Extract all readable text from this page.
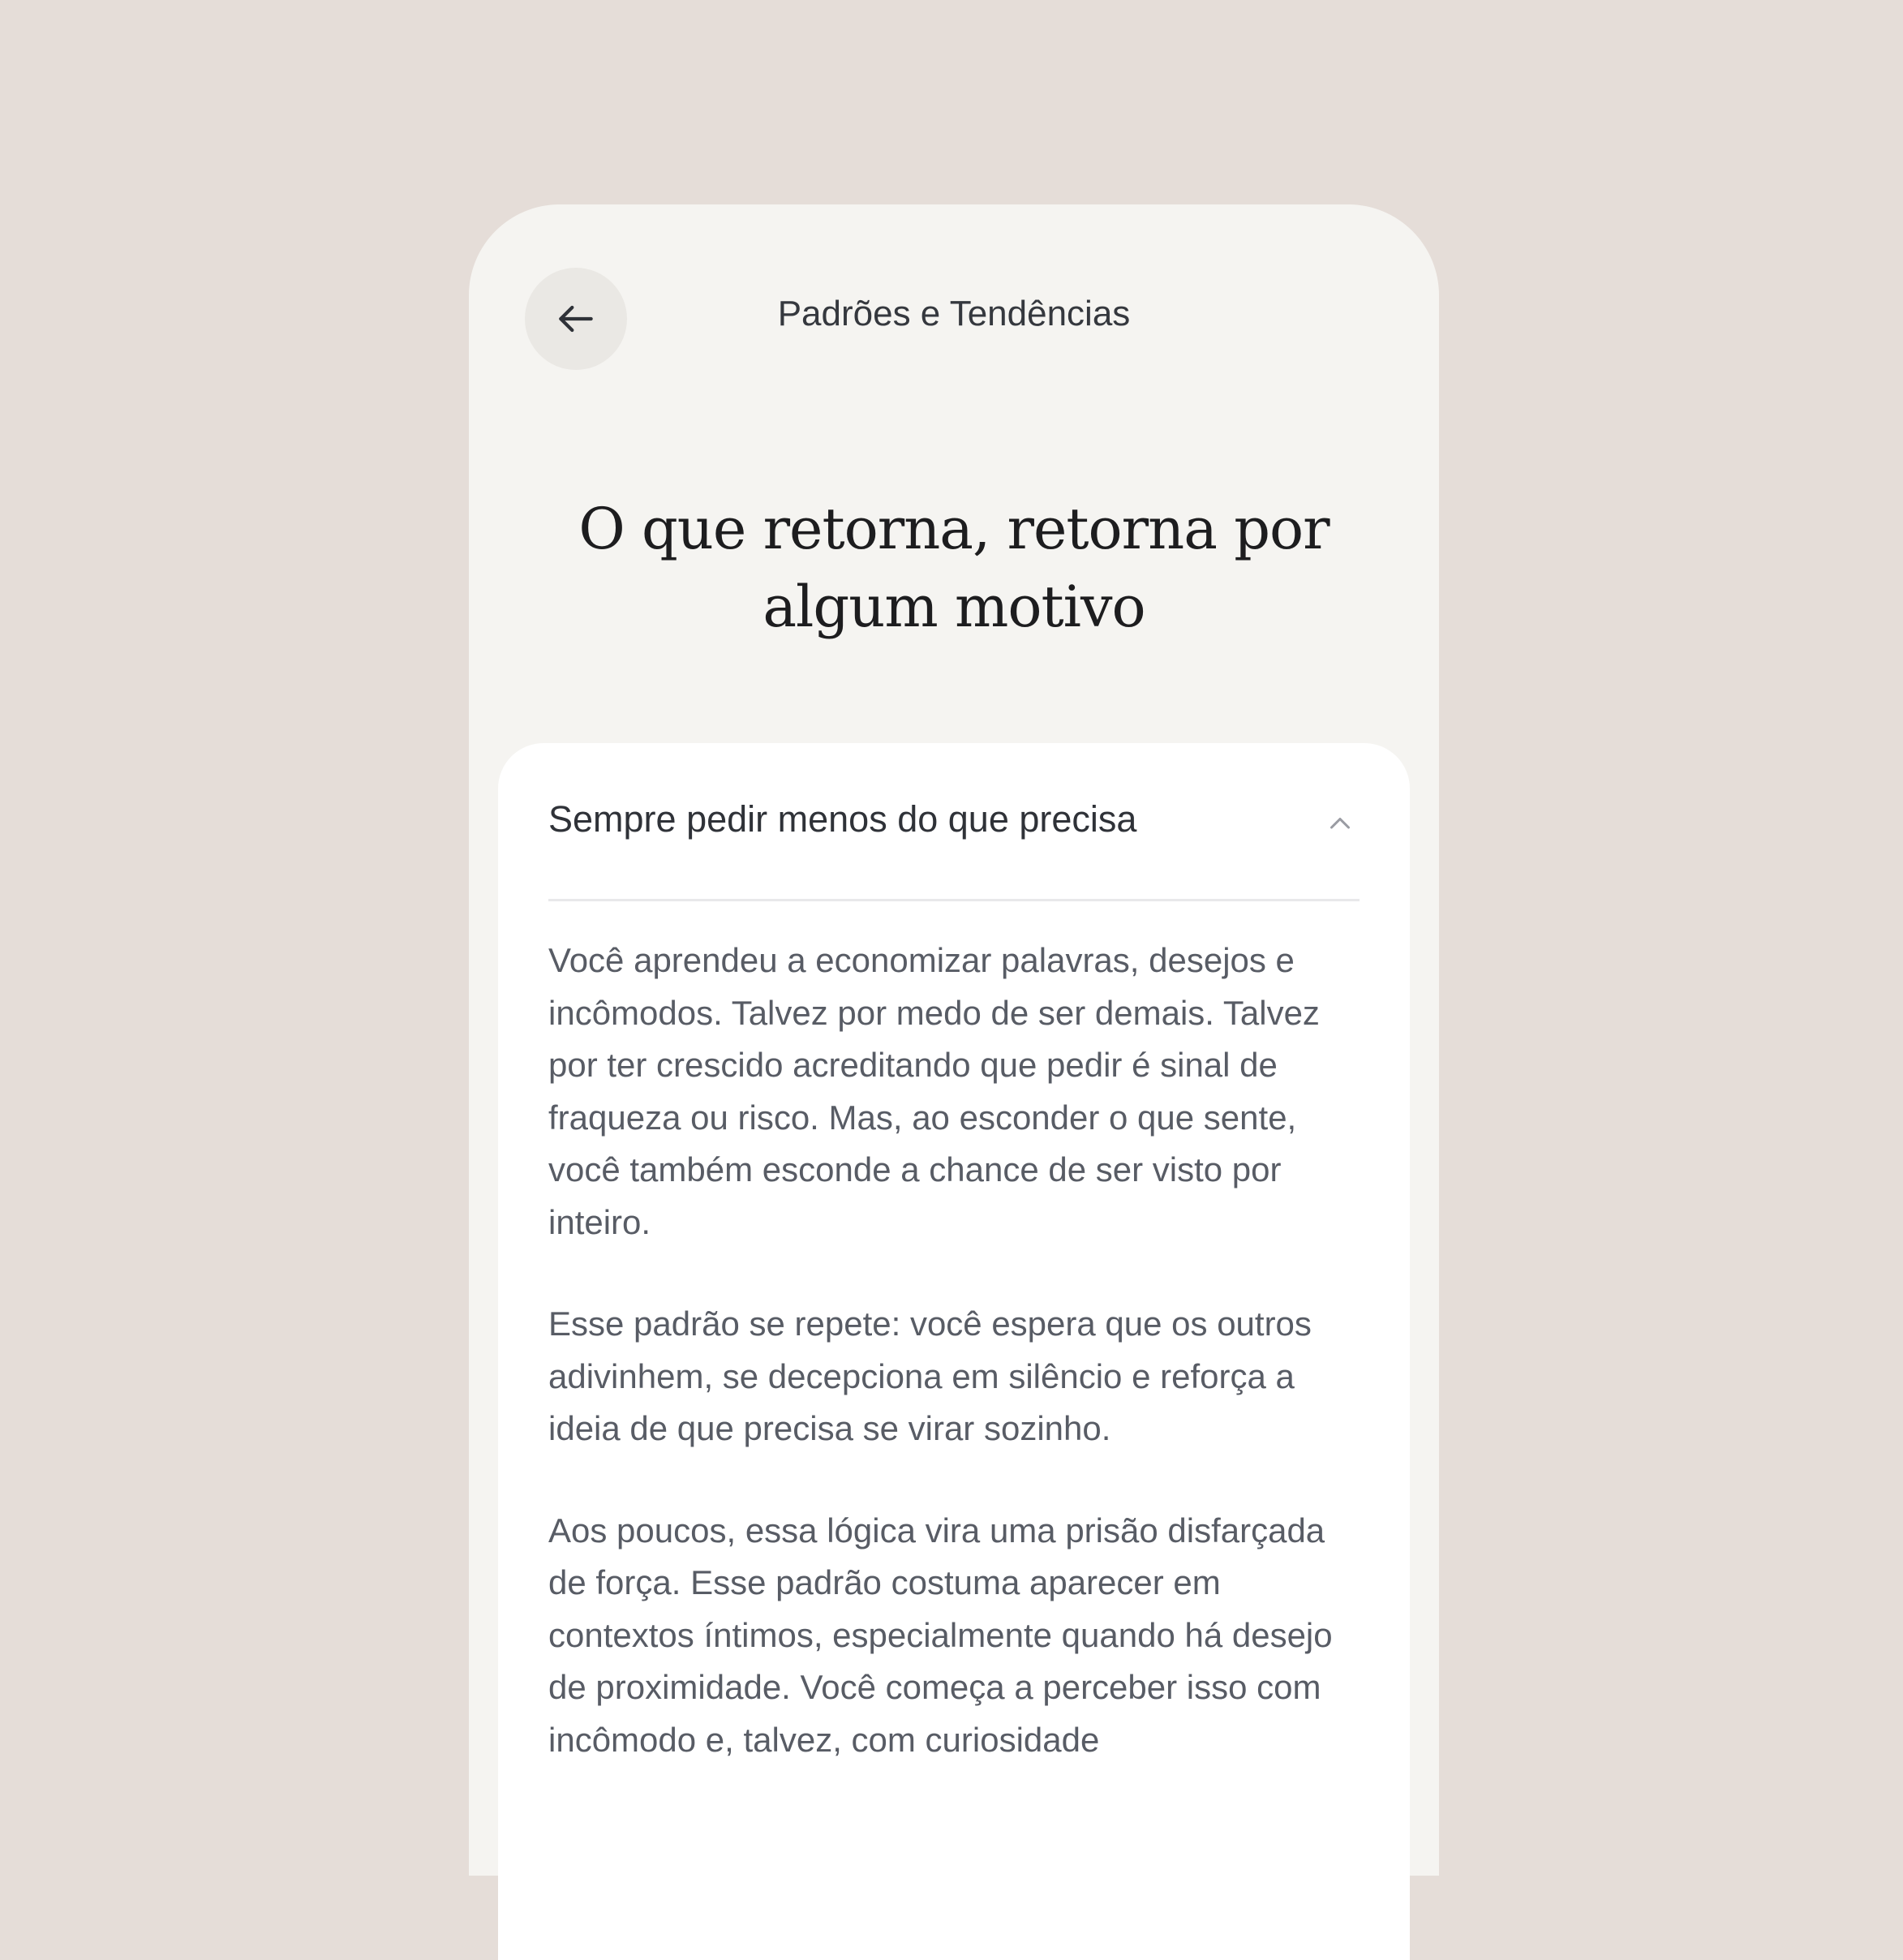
Padrões e Tendências
O que retorna, retorna por algum motivo
Sempre pedir menos do que precisa

Você aprendeu a economizar palavras, desejos e incômodos. Talvez por medo de ser demais. Talvez por ter crescido acreditando que pedir é sinal de fraqueza ou risco. Mas, ao esconder o que sente, você também esconde a chance de ser visto por inteiro.

Esse padrão se repete: você espera que os outros adivinhem, se decepciona em silêncio e reforça a ideia de que precisa se virar sozinho.

Aos poucos, essa lógica vira uma prisão disfarçada de força. Esse padrão costuma aparecer em contextos íntimos, especialmente quando há desejo de proximidade. Você começa a perceber isso com incômodo e, talvez, com curiosidade
